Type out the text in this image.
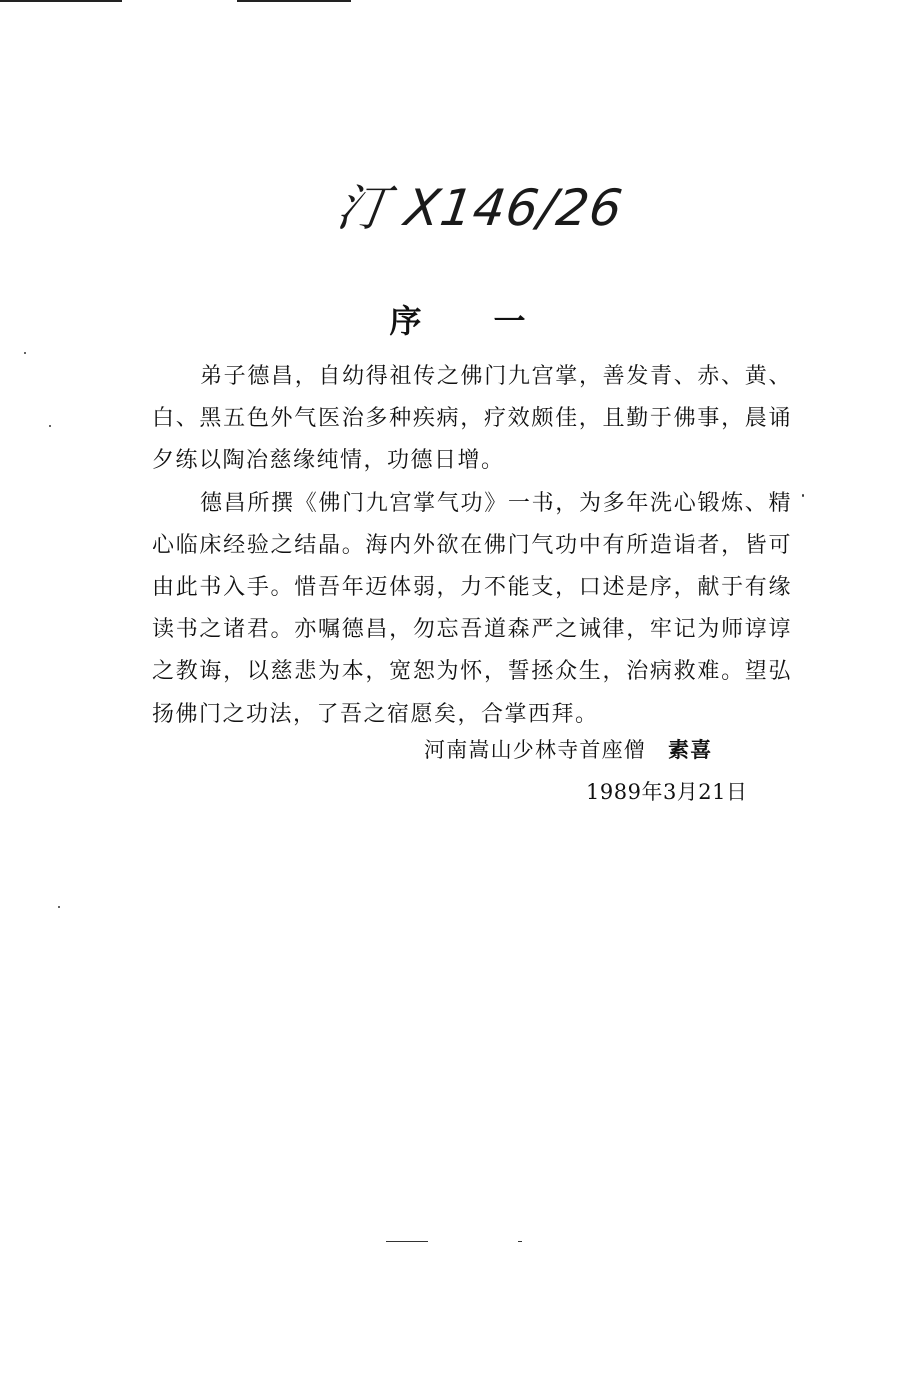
汀 X146/26
序 一

弟子德昌，自幼得祖传之佛门九宫掌，善发青、赤、黄、白、黑五色外气医治多种疾病，疗效颇佳，且勤于佛事，晨诵夕练以陶冶慈缘纯情，功德日增。

德昌所撰《佛门九宫掌气功》一书，为多年洗心锻炼、精心临床经验之结晶。海内外欲在佛门气功中有所造诣者，皆可由此书入手。惜吾年迈体弱，力不能支，口述是序，献于有缘读书之诸君。亦嘱德昌，勿忘吾道森严之诫律，牢记为师谆谆之教诲，以慈悲为本，宽恕为怀，誓拯众生，治病救难。望弘扬佛门之功法，了吾之宿愿矣，合掌西拜。

河南嵩山少林寺首座僧 素喜
1989年3月21日
